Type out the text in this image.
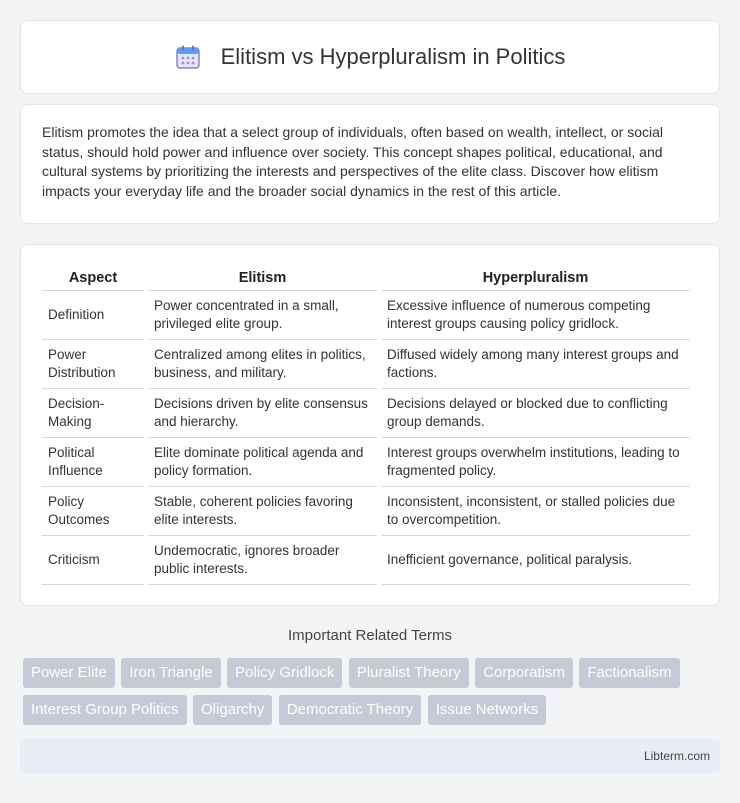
Elitism vs Hyperpluralism in Politics

Elitism promotes the idea that a select group of individuals, often based on wealth, intellect, or social status, should hold power and influence over society. This concept shapes political, educational, and cultural systems by prioritizing the interests and perspectives of the elite class. Discover how elitism impacts your everyday life and the broader social dynamics in the rest of this article.

Aspect	Elitism	Hyperpluralism
Definition	Power concentrated in a small, privileged elite group.	Excessive influence of numerous competing interest groups causing policy gridlock.
Power Distribution	Centralized among elites in politics, business, and military.	Diffused widely among many interest groups and factions.
Decision-Making	Decisions driven by elite consensus and hierarchy.	Decisions delayed or blocked due to conflicting group demands.
Political Influence	Elite dominate political agenda and policy formation.	Interest groups overwhelm institutions, leading to fragmented policy.
Policy Outcomes	Stable, coherent policies favoring elite interests.	Inconsistent, inconsistent, or stalled policies due to overcompetition.
Criticism	Undemocratic, ignores broader public interests.	Inefficient governance, political paralysis.
Important Related Terms
Power Elite Iron Triangle Policy Gridlock Pluralist Theory Corporatism Factionalism Interest Group Politics Oligarchy Democratic Theory Issue Networks
Libterm.com
